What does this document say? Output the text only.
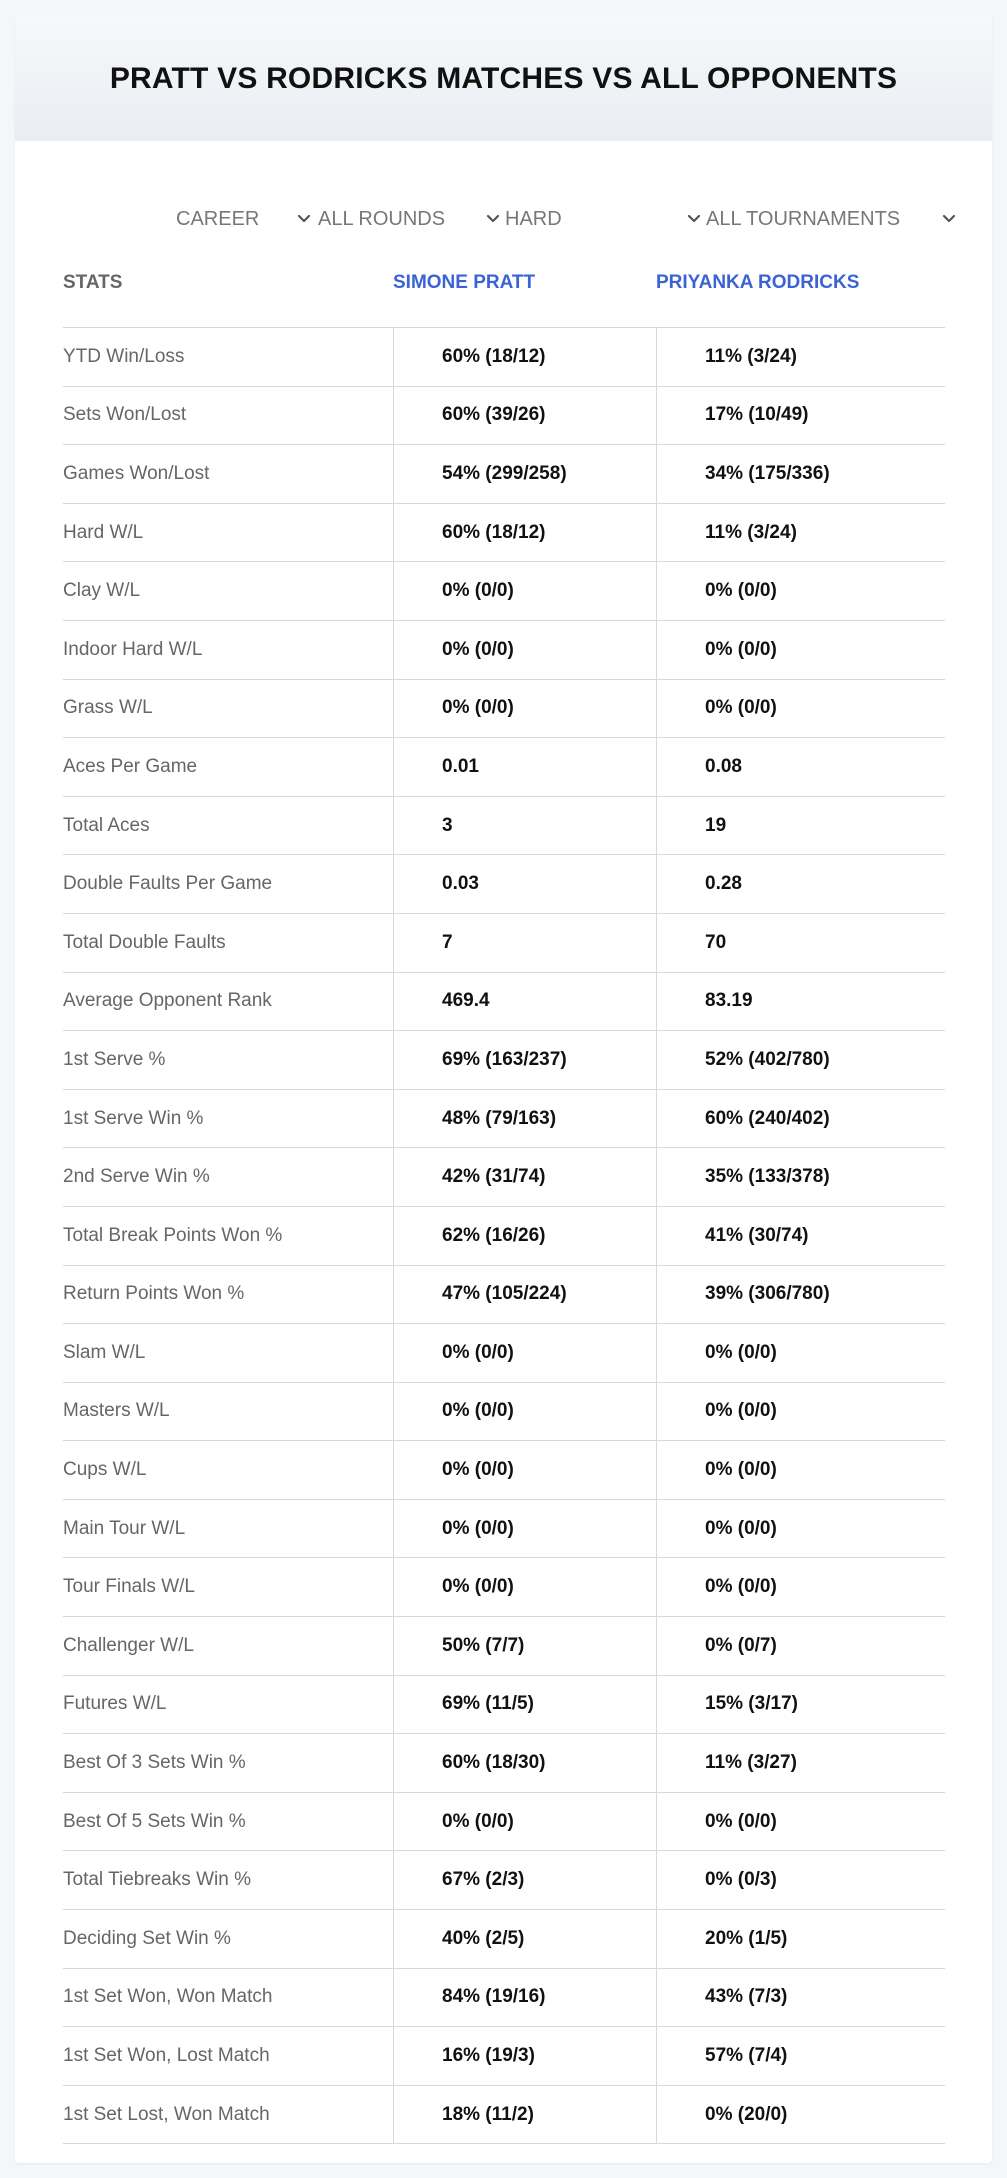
PRATT VS RODRICKS MATCHES VS ALL OPPONENTS
CAREER	ALL ROUNDS	HARD	ALL TOURNAMENTS
STATS	SIMONE PRATT	PRIYANKA RODRICKS
YTD Win/Loss	60% (18/12)	11% (3/24)
Sets Won/Lost	60% (39/26)	17% (10/49)
Games Won/Lost	54% (299/258)	34% (175/336)
Hard W/L	60% (18/12)	11% (3/24)
Clay W/L	0% (0/0)	0% (0/0)
Indoor Hard W/L	0% (0/0)	0% (0/0)
Grass W/L	0% (0/0)	0% (0/0)
Aces Per Game	0.01	0.08
Total Aces	3	19
Double Faults Per Game	0.03	0.28
Total Double Faults	7	70
Average Opponent Rank	469.4	83.19
1st Serve %	69% (163/237)	52% (402/780)
1st Serve Win %	48% (79/163)	60% (240/402)
2nd Serve Win %	42% (31/74)	35% (133/378)
Total Break Points Won %	62% (16/26)	41% (30/74)
Return Points Won %	47% (105/224)	39% (306/780)
Slam W/L	0% (0/0)	0% (0/0)
Masters W/L	0% (0/0)	0% (0/0)
Cups W/L	0% (0/0)	0% (0/0)
Main Tour W/L	0% (0/0)	0% (0/0)
Tour Finals W/L	0% (0/0)	0% (0/0)
Challenger W/L	50% (7/7)	0% (0/7)
Futures W/L	69% (11/5)	15% (3/17)
Best Of 3 Sets Win %	60% (18/30)	11% (3/27)
Best Of 5 Sets Win %	0% (0/0)	0% (0/0)
Total Tiebreaks Win %	67% (2/3)	0% (0/3)
Deciding Set Win %	40% (2/5)	20% (1/5)
1st Set Won, Won Match	84% (19/16)	43% (7/3)
1st Set Won, Lost Match	16% (19/3)	57% (7/4)
1st Set Lost, Won Match	18% (11/2)	0% (20/0)
